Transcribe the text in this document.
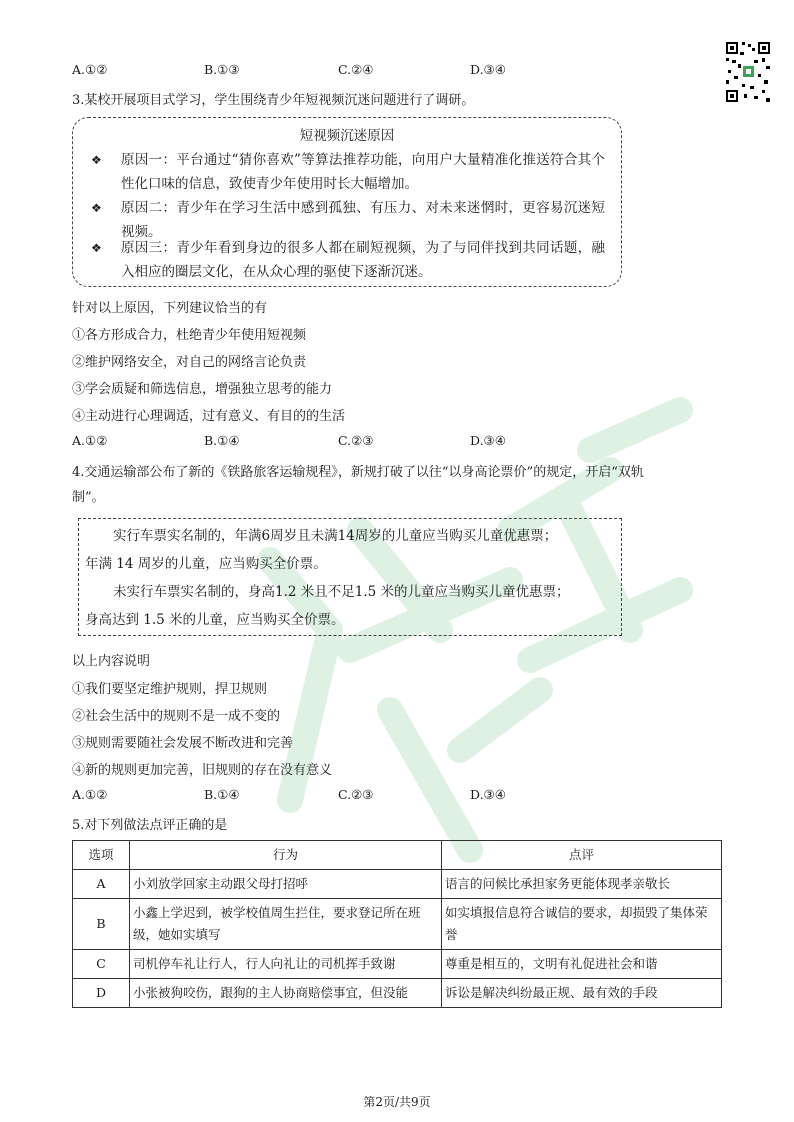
A.①②	B.①③	C.②④	D.③④
3.某校开展项目式学习，学生围绕青少年短视频沉迷问题进行了调研。
短视频沉迷原因
❖ 原因一：平台通过“猜你喜欢”等算法推荐功能，向用户大量精准化推送符合其个性化口味的信息，致使青少年使用时长大幅增加。
❖ 原因二：青少年在学习生活中感到孤独、有压力、对未来迷惘时，更容易沉迷短视频。
❖ 原因三：青少年看到身边的很多人都在刷短视频，为了与同伴找到共同话题，融入相应的圈层文化，在从众心理的驱使下逐渐沉迷。
针对以上原因，下列建议恰当的有
①各方形成合力，杜绝青少年使用短视频
②维护网络安全，对自己的网络言论负责
③学会质疑和筛选信息，增强独立思考的能力
④主动进行心理调适，过有意义、有目的的生活
A.①②	B.①④	C.②③	D.③④
4.交通运输部公布了新的《铁路旅客运输规程》，新规打破了以往“以身高论票价”的规定，开启“双轨
制”。
实行车票实名制的，年满6周岁且未满14周岁的儿童应当购买儿童优惠票；
年满 14 周岁的儿童，应当购买全价票。
未实行车票实名制的，身高1.2 米且不足1.5 米的儿童应当购买儿童优惠票；
身高达到 1.5 米的儿童，应当购买全价票。
以上内容说明
①我们要坚定维护规则，捍卫规则
②社会生活中的规则不是一成不变的
③规则需要随社会发展不断改进和完善
④新的规则更加完善，旧规则的存在没有意义
A.①②	B.①④	C.②③	D.③④
5.对下列做法点评正确的是
选项	行为	点评
A	小刘放学回家主动跟父母打招呼	语言的问候比承担家务更能体现孝亲敬长
B	小鑫上学迟到，被学校值周生拦住，要求登记所在班级，她如实填写	如实填报信息符合诚信的要求，却损毁了集体荣誉
C	司机停车礼让行人，行人向礼让的司机挥手致谢	尊重是相互的，文明有礼促进社会和谐
D	小张被狗咬伤，跟狗的主人协商赔偿事宜，但没能	诉讼是解决纠纷最正规、最有效的手段
第2页/共9页
